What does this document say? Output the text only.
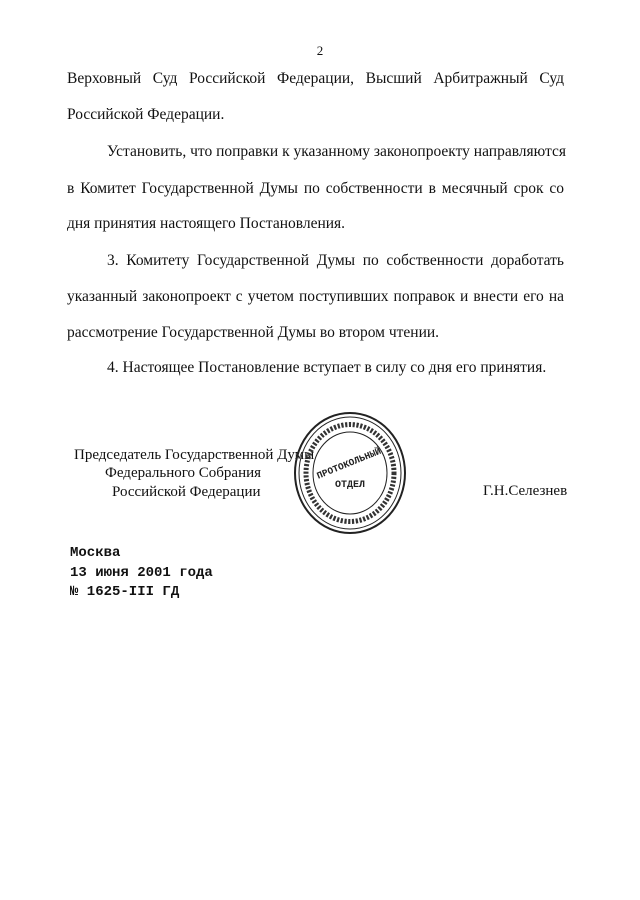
2
Верховный Суд Российской Федерации, Высший Арбитражный Суд
Российской Федерации.
Установить, что поправки к указанному законопроекту направляются
в Комитет Государственной Думы по собственности в месячный срок со
дня принятия настоящего Постановления.
3. Комитету Государственной Думы по собственности доработать
указанный законопроект с учетом поступивших поправок и внести его на
рассмотрение Государственной Думы во втором чтении.
4. Настоящее Постановление вступает в силу со дня его принятия.
Председатель Государственной Думы
Федерального Собрания
Российской Федерации	Г.Н.Селезнев
ПРОТОКОЛЬНЫЙ
ОТДЕЛ
Москва
13 июня 2001 года
№ 1625-III ГД
